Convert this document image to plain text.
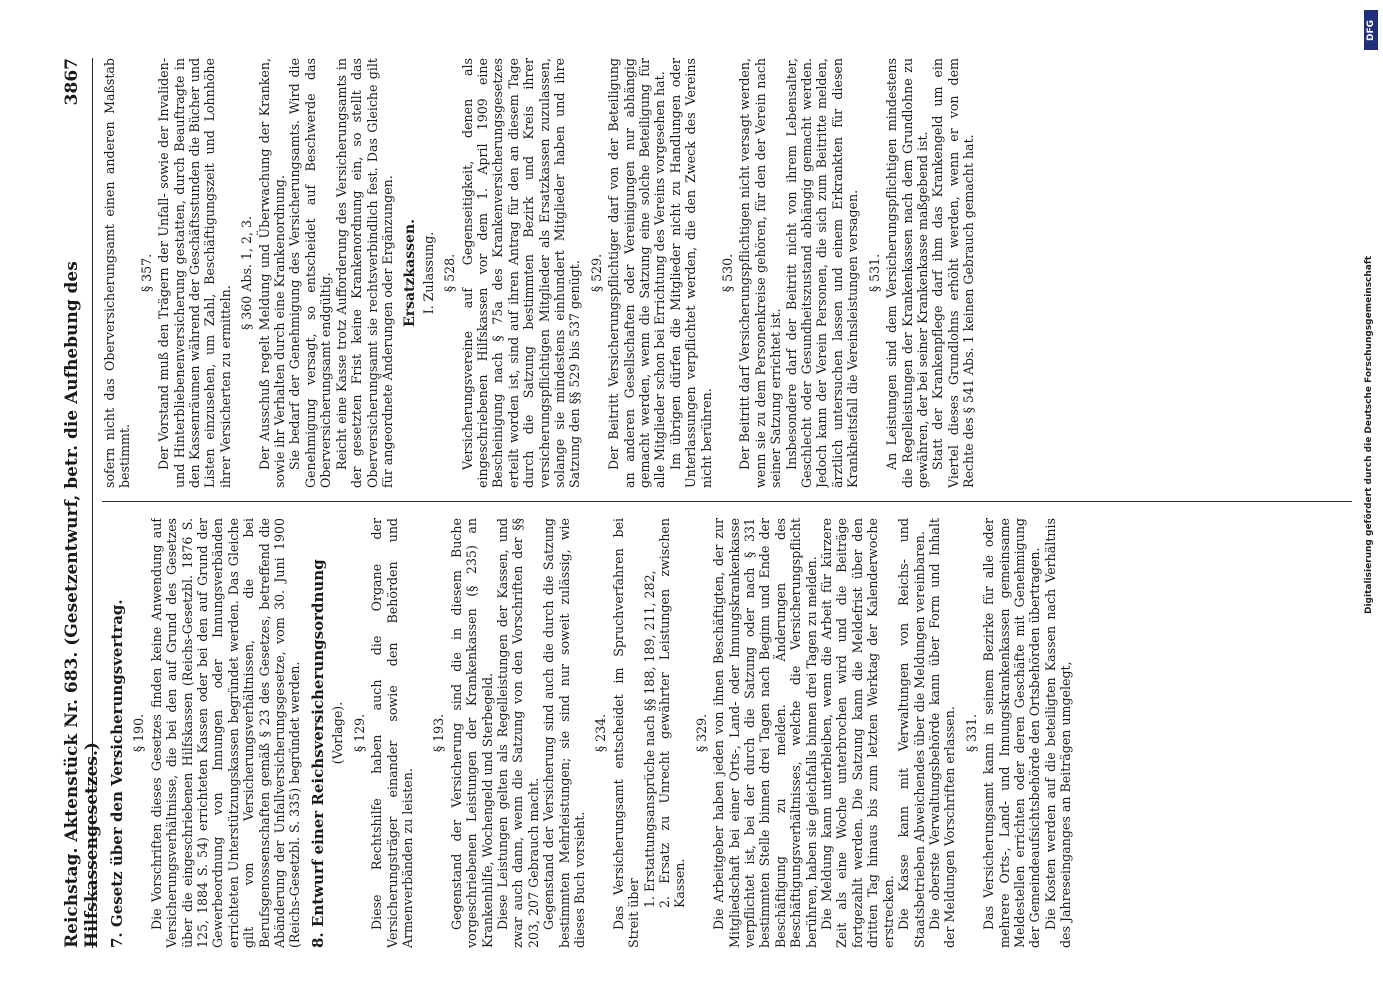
Reichstag. Aktenstück Nr. 683. (Gesetzentwurf, betr. die Aufhebung des Hilfskassengesetzes.)
3867
7. Gesetz über den Versicherungsvertrag. § 190. Die Vorschriften dieses Gesetzes finden keine Anwendung auf Versicherungsverhältnisse, die bei den auf Grund des Gesetzes über die eingeschriebenen Hilfskassen (Reichs-Gesetzbl. 1876 S. 125, 1884 S. 54) errichteten Kassen oder bei den auf Grund der Gewerbeordnung von Innungen oder Innungsverbänden errichteten Unterstützungskassen begründet werden. Das Gleiche gilt von Versicherungsverhältnissen, die bei Berufsgenossenschaften gemäß § 23 des Gesetzes, betreffend die Abänderung der Unfallversicherungsgesetze, vom 30. Juni 1900 (Reichs-Gesetzbl. S. 335) begründet werden. 8. Entwurf einer Reichsversicherungsordnung (Vorlage). § 129. Diese Rechtshilfe haben auch die Organe der Versicherungsträger einander sowie den Behörden und Armenverbänden zu leisten.

§ 193. Gegenstand der Versicherung sind die in diesem Buche vorgeschriebenen Leistungen der Krankenkassen (§ 235) an Krankenhilfe, Wochengeld und Sterbegeld. Diese Leistungen gelten als Regelleistungen der Kassen, und zwar auch dann, wenn die Satzung von den Vorschriften der §§ 203, 207 Gebrauch macht. Gegenstand der Versicherung sind auch die durch die Satzung bestimmten Mehrleistungen; sie sind nur soweit zulässig, wie dieses Buch vorsieht.

§ 234. Das Versicherungsamt entscheidet im Spruchverfahren bei Streit über

1. Erstattungsansprüche nach §§ 188, 189, 211, 282, 2. Ersatz zu Unrecht gewährter Leistungen zwischen Kassen.
§ 329. Die Arbeitgeber haben jeden von ihnen Beschäftigten, der zur Mitgliedschaft bei einer Orts-, Land- oder Innungskrankenkasse verpflichtet ist, bei der durch die Satzung oder nach § 331 bestimmten Stelle binnen drei Tagen nach Beginn und Ende der Beschäftigung zu melden. Änderungen des Beschäftigungsverhältnisses, welche die Versicherungspflicht berühren, haben sie gleichfalls binnen drei Tagen zu melden. Die Meldung kann unterbleiben, wenn die Arbeit für kürzere Zeit als eine Woche unterbrochen wird und die Beiträge fortgezahlt werden. Die Satzung kann die Meldefrist über den dritten Tag hinaus bis zum letzten Werktag der Kalenderwoche erstrecken. Die Kasse kann mit Verwaltungen von Reichs- und Staatsbetrieben Abweichendes über die Meldungen vereinbaren. Die oberste Verwaltungsbehörde kann über Form und Inhalt der Meldungen Vorschriften erlassen. § 331. Das Versicherungsamt kann in seinem Bezirke für alle oder mehrere Orts-, Land- und Innungskrankenkassen gemeinsame Meldestellen errichten oder deren Geschäfte mit Genehmigung der Gemeindeaufsichtsbehörde den Ortsbehörden übertragen. Die Kosten werden auf die beteiligten Kassen nach Verhältnis des Jahreseinganges an Beiträgen umgelegt,

sofern nicht das Oberversicherungsamt einen anderen Maßstab bestimmt.

§ 357. Der Vorstand muß den Trägern der Unfall- sowie der Invaliden- und Hinterbliebenenversicherung gestatten, durch Beauftragte in den Kassenräumen während der Geschäftsstunden die Bücher und Listen einzusehen, um Zahl, Beschäftigungszeit und Lohnhöhe ihrer Versicherten zu ermitteln.

§ 360 Abs. 1, 2, 3. Der Ausschuß regelt Meldung und Überwachung der Kranken, sowie ihr Verhalten durch eine Krankenordnung. Sie bedarf der Genehmigung des Versicherungsamts. Wird die Genehmigung versagt, so entscheidet auf Beschwerde das Oberversicherungsamt endgültig. Reicht eine Kasse trotz Aufforderung des Versicherungsamts in der gesetzten Frist keine Krankenordnung ein, so stellt das Oberversicherungsamt sie rechtsverbindlich fest. Das Gleiche gilt für angeordnete Änderungen oder Ergänzungen. Ersatzkassen. I. Zulassung. § 528. Versicherungsvereine auf Gegenseitigkeit, denen als eingeschriebenen Hilfskassen vor dem 1. April 1909 eine Bescheinigung nach § 75a des Krankenversicherungsgesetzes erteilt worden ist, sind auf ihren Antrag für den an diesem Tage durch die Satzung bestimmten Bezirk und Kreis ihrer versicherungspflichtigen Mitglieder als Ersatzkassen zuzulassen, solange sie mindestens einhundert Mitglieder haben und ihre Satzung den §§ 529 bis 537 genügt. § 529. Der Beitritt Versicherungspflichtiger darf von der Beteiligung an anderen Gesellschaften oder Vereinigungen nur abhängig gemacht werden, wenn die Satzung eine solche Beteiligung für alle Mitglieder schon bei Errichtung des Vereins vorgesehen hat. Im übrigen dürfen die Mitglieder nicht zu Handlungen oder Unterlassungen verpflichtet werden, die den Zweck des Vereins nicht berühren.

§ 530. Der Beitritt darf Versicherungspflichtigen nicht versagt werden, wenn sie zu dem Personenkreise gehören, für den der Verein nach seiner Satzung errichtet ist. Insbesondere darf der Beitritt nicht von ihrem Lebensalter, Geschlecht oder Gesundheitszustand abhängig gemacht werden. Jedoch kann der Verein Personen, die sich zum Beitritte melden, ärztlich untersuchen lassen und einem Erkrankten für diesen Krankheitsfall die Vereinsleistungen versagen. § 531. An Leistungen sind dem Versicherungspflichtigen mindestens die Regelleistungen der Krankenkassen nach dem Grundlohne zu gewähren, der bei seiner Krankenkasse maßgebend ist. Statt der Krankenpflege darf ihm das Krankengeld um ein Viertel dieses Grundlohns erhöht werden, wenn er von dem Rechte des § 541 Abs. 1 keinen Gebrauch gemacht hat.

DFG
Digitalisierung gefördert durch die Deutsche Forschungsgemeinschaft
